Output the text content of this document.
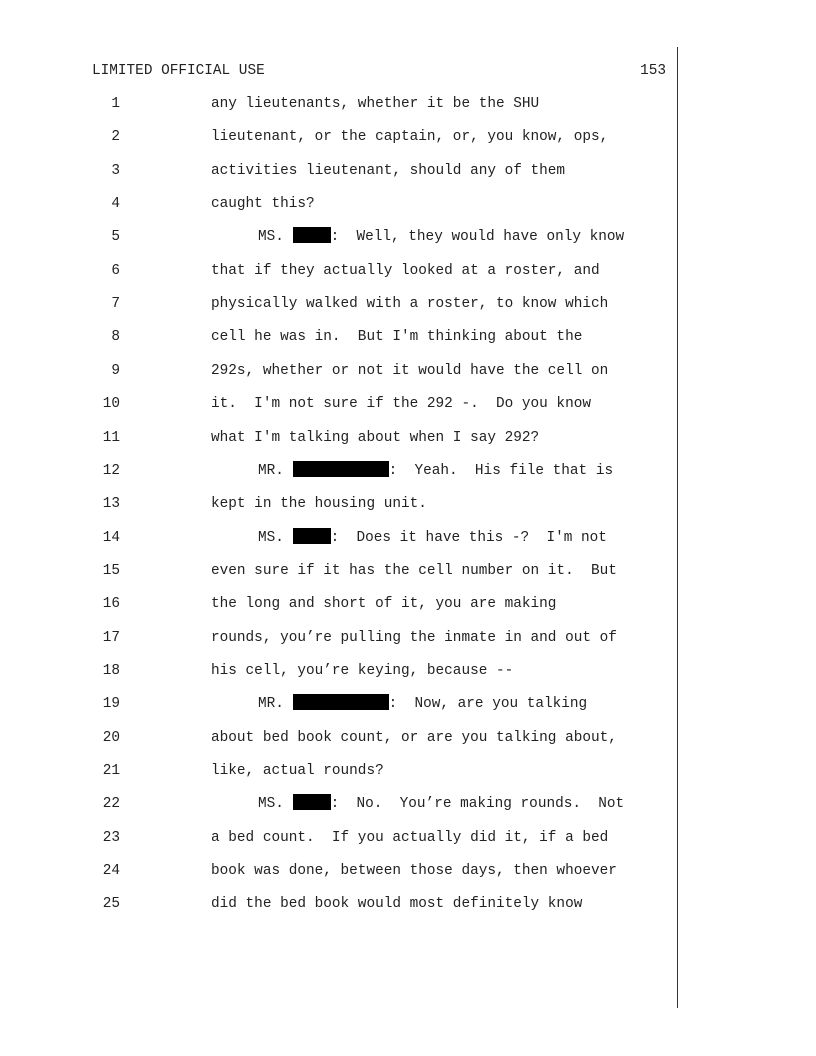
LIMITED OFFICIAL USE	153
1	any lieutenants, whether it be the SHU
2	lieutenant, or the captain, or, you know, ops,
3	activities lieutenant, should any of them
4	caught this?
5	MS.	:  Well, they would have only know
6	that if they actually looked at a roster, and
7	physically walked with a roster, to know which
8	cell he was in.  But I'm thinking about the
9	292s, whether or not it would have the cell on
10	it.  I'm not sure if the 292 -.  Do you know
11	what I'm talking about when I say 292?
12	MR.	:  Yeah.  His file that is
13	kept in the housing unit.
14	MS.	:  Does it have this -?  I'm not
15	even sure if it has the cell number on it.  But
16	the long and short of it, you are making
17	rounds, you’re pulling the inmate in and out of
18	his cell, you’re keying, because --
19	MR.	:  Now, are you talking
20	about bed book count, or are you talking about,
21	like, actual rounds?
22	MS.	:  No.  You’re making rounds.  Not
23	a bed count.  If you actually did it, if a bed
24	book was done, between those days, then whoever
25	did the bed book would most definitely know
